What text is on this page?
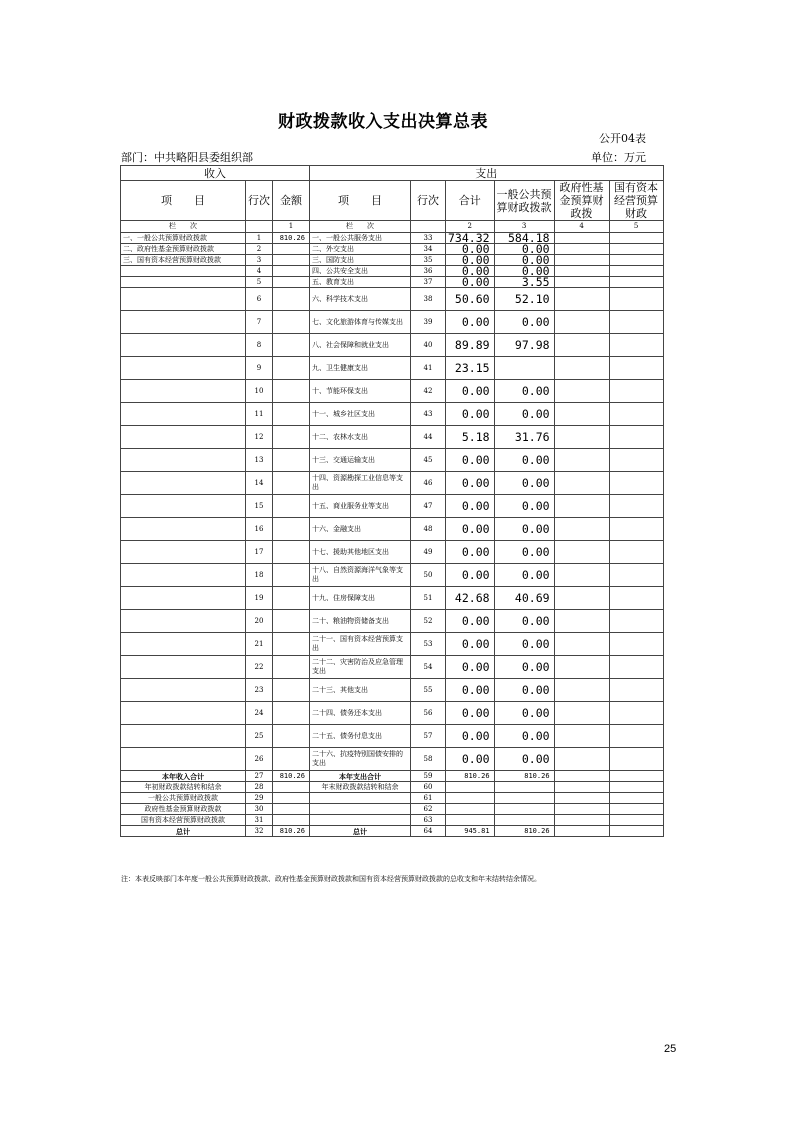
财政拨款收入支出决算总表
公开04表
部门：中共略阳县委组织部	单位：万元
收入			支出					
项　　目	行次	金额	项　　目	行次	合计	一般公共预算财政拨款	政府性基金预算财政拨	国有资本经营预算财政
栏　　次		1	栏　　次		2	3	4	5
一、一般公共预算财政拨款	1	810.26	一、一般公共服务支出	33	734.32	584.18		
二、政府性基金预算财政拨款	2		二、外交支出	34	0.00	0.00		
三、国有资本经营预算财政拨款	3		三、国防支出	35	0.00	0.00		
	4		四、公共安全支出	36	0.00	0.00		
	5		五、教育支出	37	0.00	3.55		
	6		六、科学技术支出	38	50.60	52.10		
	7		七、文化旅游体育与传媒支出	39	0.00	0.00		
	8		八、社会保障和就业支出	40	89.89	97.98		
	9		九、卫生健康支出	41	23.15			
	10		十、节能环保支出	42	0.00	0.00		
	11		十一、城乡社区支出	43	0.00	0.00		
	12		十二、农林水支出	44	5.18	31.76		
	13		十三、交通运输支出	45	0.00	0.00		
	14		十四、资源勘探工业信息等支出	46	0.00	0.00		
	15		十五、商业服务业等支出	47	0.00	0.00		
	16		十六、金融支出	48	0.00	0.00		
	17		十七、援助其他地区支出	49	0.00	0.00		
	18		十八、自然资源海洋气象等支出	50	0.00	0.00		
	19		十九、住房保障支出	51	42.68	40.69		
	20		二十、粮油物资储备支出	52	0.00	0.00		
	21		二十一、国有资本经营预算支出	53	0.00	0.00		
	22		二十二、灾害防治及应急管理支出	54	0.00	0.00		
	23		二十三、其他支出	55	0.00	0.00		
	24		二十四、债务还本支出	56	0.00	0.00		
	25		二十五、债务付息支出	57	0.00	0.00		
	26		二十六、抗疫特别国债安排的支出	58	0.00	0.00		
本年收入合计	27	810.26	本年支出合计	59	810.26	810.26		
年初财政拨款结转和结余	28		年末财政拨款结转和结余	60				
一般公共预算财政拨款	29			61				
政府性基金预算财政拨款	30			62				
国有资本经营预算财政拨款	31			63				
总计	32	810.26	总计	64	945.81	810.26		
注：本表反映部门本年度一般公共预算财政拨款、政府性基金预算财政拨款和国有资本经营预算财政拨款的总收支和年末结转结余情况。
25
